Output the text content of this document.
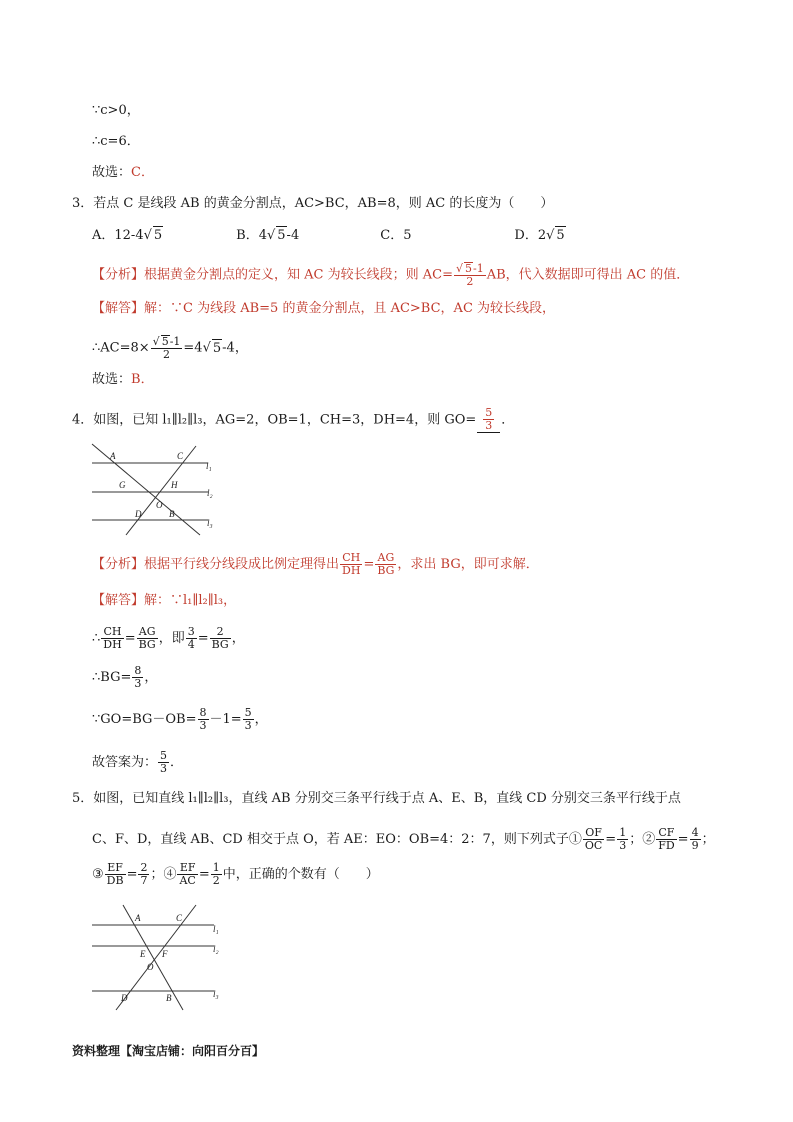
∵c>0，
∴c=6．
故选：C．
3．若点 C 是线段 AB 的黄金分割点，AC>BC，AB=8，则 AC 的长度为（　　）
A．12-4√ 5	B．4√ 5-4	C．5	D．2√ 5
【分析】根据黄金分割点的定义，知 AC 为较长线段；则 $AC= \frac{√ 5-1}{2}$ AB，代入数据即可得出 AC 的值．
【解答】解：∵C 为线段 AB=5 的黄金分割点，且 AC>BC，AC 为较长线段，
∴AC=8× $\frac{√ 5-1}{2} =4√$ 5-4，
故选：B．
4．如图，已知 l₁∥l₂∥l₃，AG=2，OB=1，CH=3，DH=4，则 $GO= \frac{5}{3}$ ．
A	C
l₁
G	H
l₂
O
D	B
l₃
【分析】根据平行线分线段成比例定理得出 $\frac{CH}{DH} = \frac{AG}{BG}$ ，求出 BG，即可求解．
【解答】解：∵l₁∥l₂∥l₃，
∴ $\frac{CH}{DH} = \frac{AG}{BG}$ ，即 $\frac{3}{4} = \frac{2}{BG}$ ，
∴BG= $\frac{8}{3}$ ，
∵GO=BG－OB= $\frac{8}{3} -1= \frac{5}{3}$ ，
故答案为： $\frac{5}{3}$ ．
5．如图，已知直线 l₁∥l₂∥l₃，直线 AB 分别交三条平行线于点 A、E、B，直线 CD 分别交三条平行线于点
C、F、D，直线 AB、CD 相交于点 O，若 AE：EO：OB=4：2：7，则下列式子① $\frac{OF}{OC} = \frac{1}{3}$ ；② $\frac{CF}{FD} = \frac{4}{9}$ ；
③ $\frac{EF}{DB} = \frac{2}{7}$ ；④ $\frac{EF}{AC} = \frac{1}{2}$ 中，正确的个数有（　　）
A	C
l₁
E F	l₂
O
D	B	l₃
资料整理【淘宝店铺：向阳百分百】
